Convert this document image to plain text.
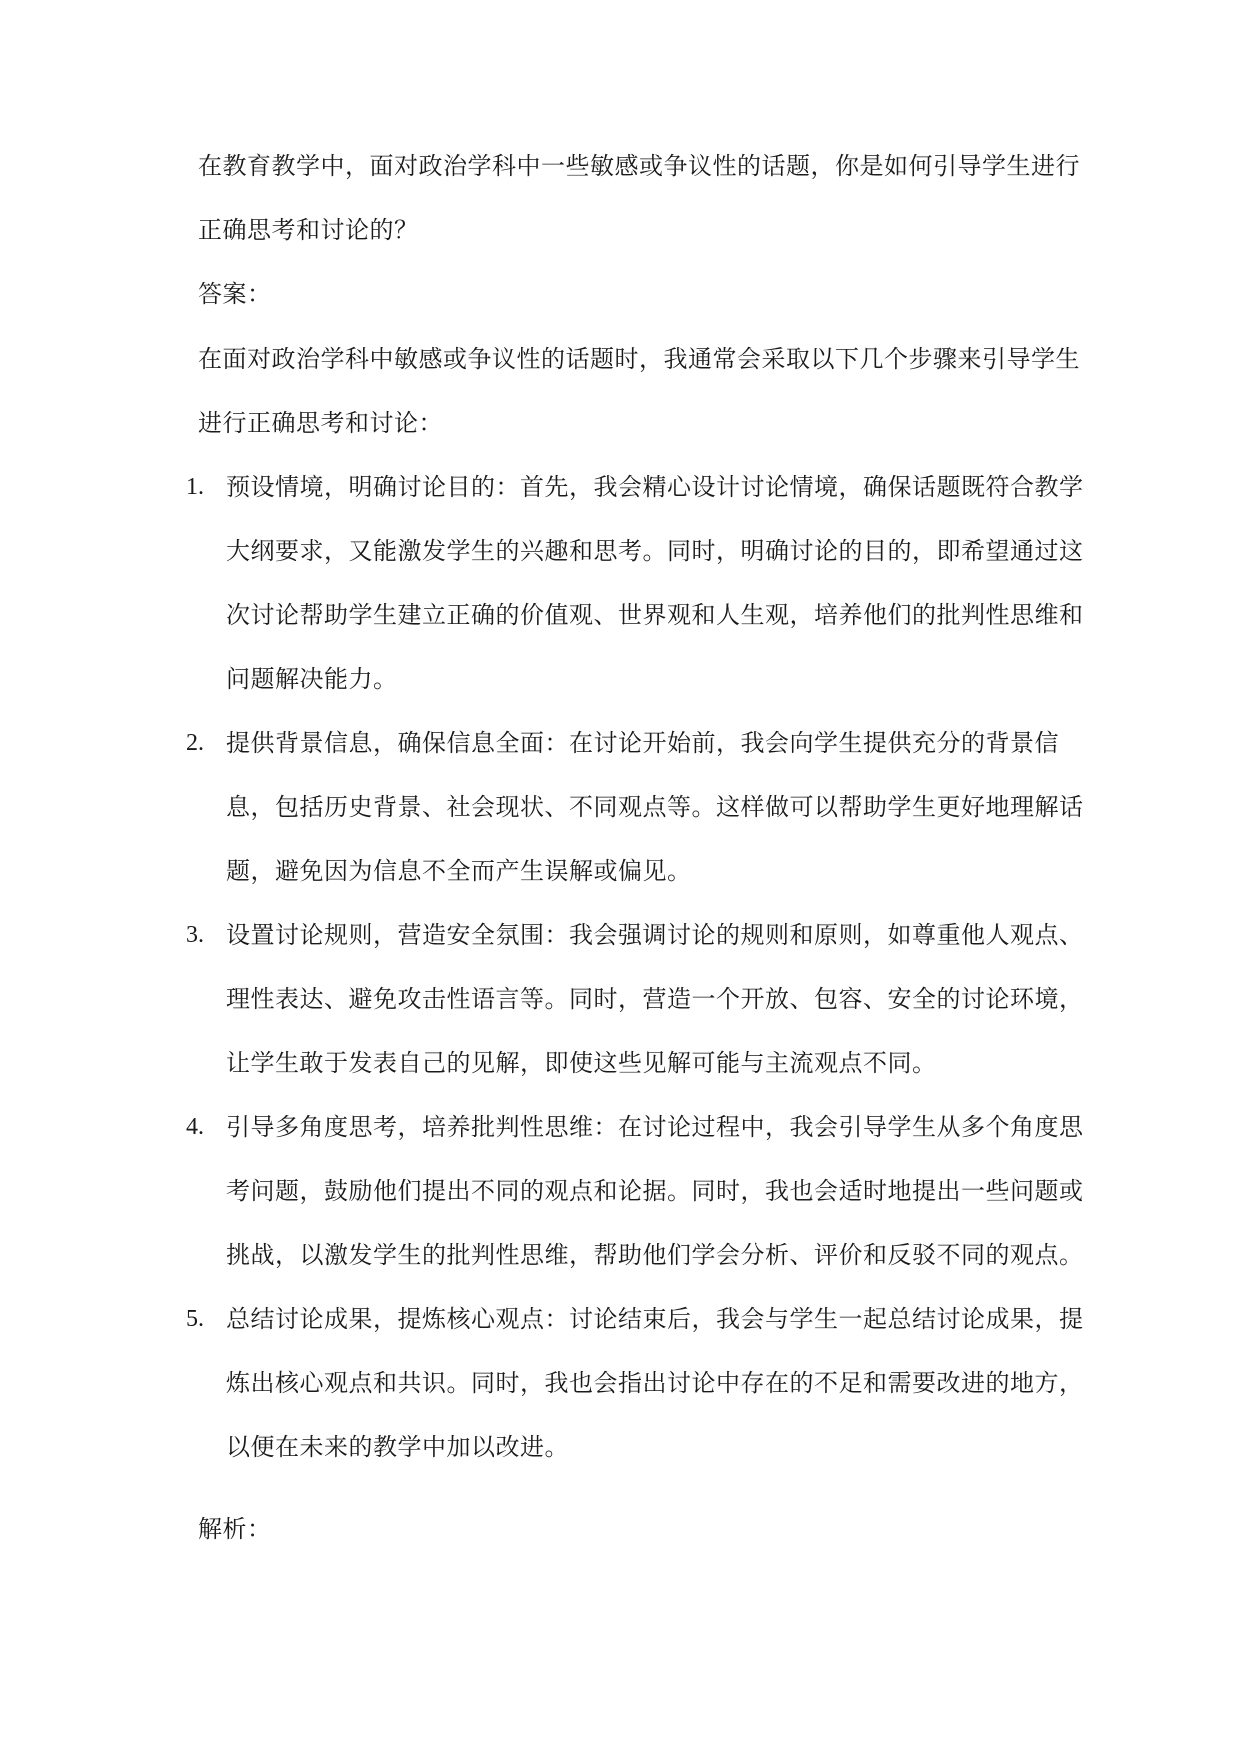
在教育教学中，面对政治学科中一些敏感或争议性的话题，你是如何引导学生进行正确思考和讨论的？

答案：

在面对政治学科中敏感或争议性的话题时，我通常会采取以下几个步骤来引导学生进行正确思考和讨论：

1. 预设情境，明确讨论目的：首先，我会精心设计讨论情境，确保话题既符合教学大纲要求，又能激发学生的兴趣和思考。同时，明确讨论的目的，即希望通过这次讨论帮助学生建立正确的价值观、世界观和人生观，培养他们的批判性思维和问题解决能力。
2. 提供背景信息，确保信息全面：在讨论开始前，我会向学生提供充分的背景信息，包括历史背景、社会现状、不同观点等。这样做可以帮助学生更好地理解话题，避免因为信息不全而产生误解或偏见。
3. 设置讨论规则，营造安全氛围：我会强调讨论的规则和原则，如尊重他人观点、理性表达、避免攻击性语言等。同时，营造一个开放、包容、安全的讨论环境，让学生敢于发表自己的见解，即使这些见解可能与主流观点不同。
4. 引导多角度思考，培养批判性思维：在讨论过程中，我会引导学生从多个角度思考问题，鼓励他们提出不同的观点和论据。同时，我也会适时地提出一些问题或挑战，以激发学生的批判性思维，帮助他们学会分析、评价和反驳不同的观点。
5. 总结讨论成果，提炼核心观点：讨论结束后，我会与学生一起总结讨论成果，提炼出核心观点和共识。同时，我也会指出讨论中存在的不足和需要改进的地方，以便在未来的教学中加以改进。

解析：
